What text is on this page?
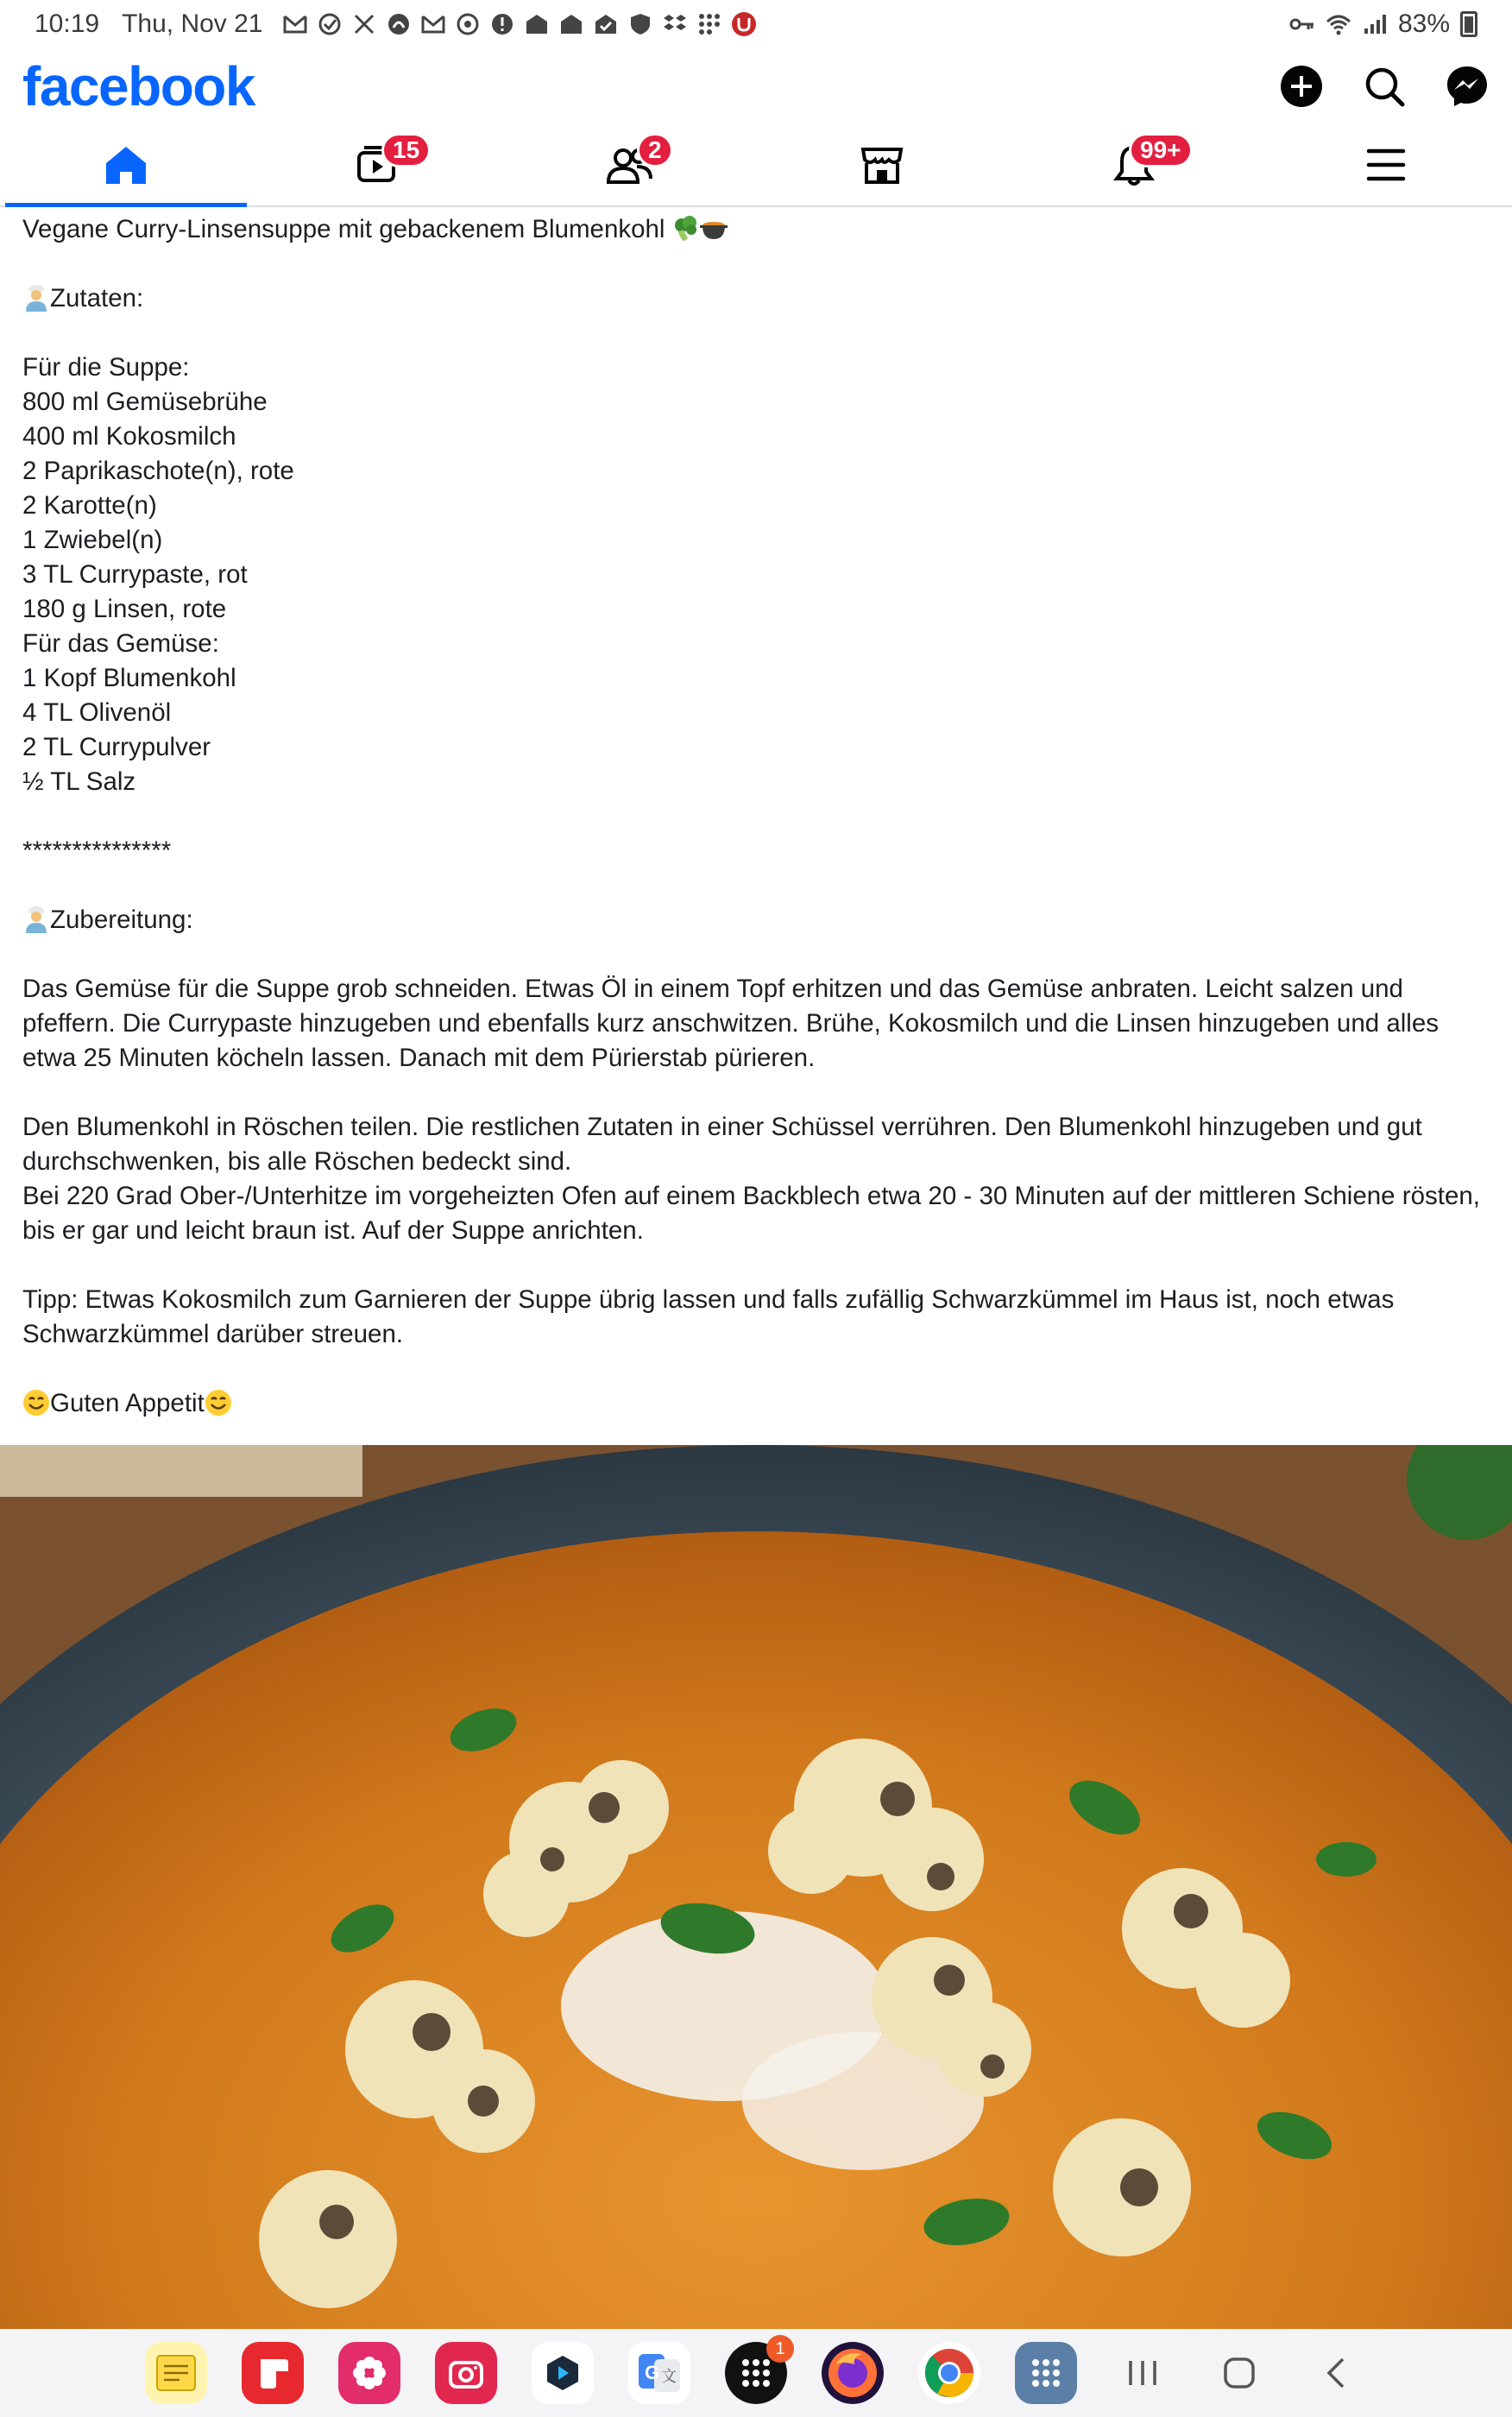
10:19 Thu, Nov 21	83%
facebook
15	2	99+

Vegane Curry-Linsensuppe mit gebackenem Blumenkohl

Zutaten:

Für die Suppe:

800 ml Gemüsebrühe

400 ml Kokosmilch

2 Paprikaschote(n), rote

2 Karotte(n)

1 Zwiebel(n)

3 TL Currypaste, rot

180 g Linsen, rote

Für das Gemüse:

1 Kopf Blumenkohl

4 TL Olivenöl

2 TL Currypulver

½ TL Salz

***************

Zubereitung:

Das Gemüse für die Suppe grob schneiden. Etwas Öl in einem Topf erhitzen und das Gemüse anbraten. Leicht salzen und pfeffern. Die Currypaste hinzugeben und ebenfalls kurz anschwitzen. Brühe, Kokosmilch und die Linsen hinzugeben und alles etwa 25 Minuten köcheln lassen. Danach mit dem Pürierstab pürieren.

Den Blumenkohl in Röschen teilen. Die restlichen Zutaten in einer Schüssel verrühren. Den Blumenkohl hinzugeben und gut durchschwenken, bis alle Röschen bedeckt sind.

Bei 220 Grad Ober-/Unterhitze im vorgeheizten Ofen auf einem Backblech etwa 20 - 30 Minuten auf der mittleren Schiene rösten, bis er gar und leicht braun ist. Auf der Suppe anrichten.

Tipp: Etwas Kokosmilch zum Garnieren der Suppe übrig lassen und falls zufällig Schwarzkümmel im Haus ist, noch etwas Schwarzkümmel darüber streuen.

Guten Appetit

G 文
1
